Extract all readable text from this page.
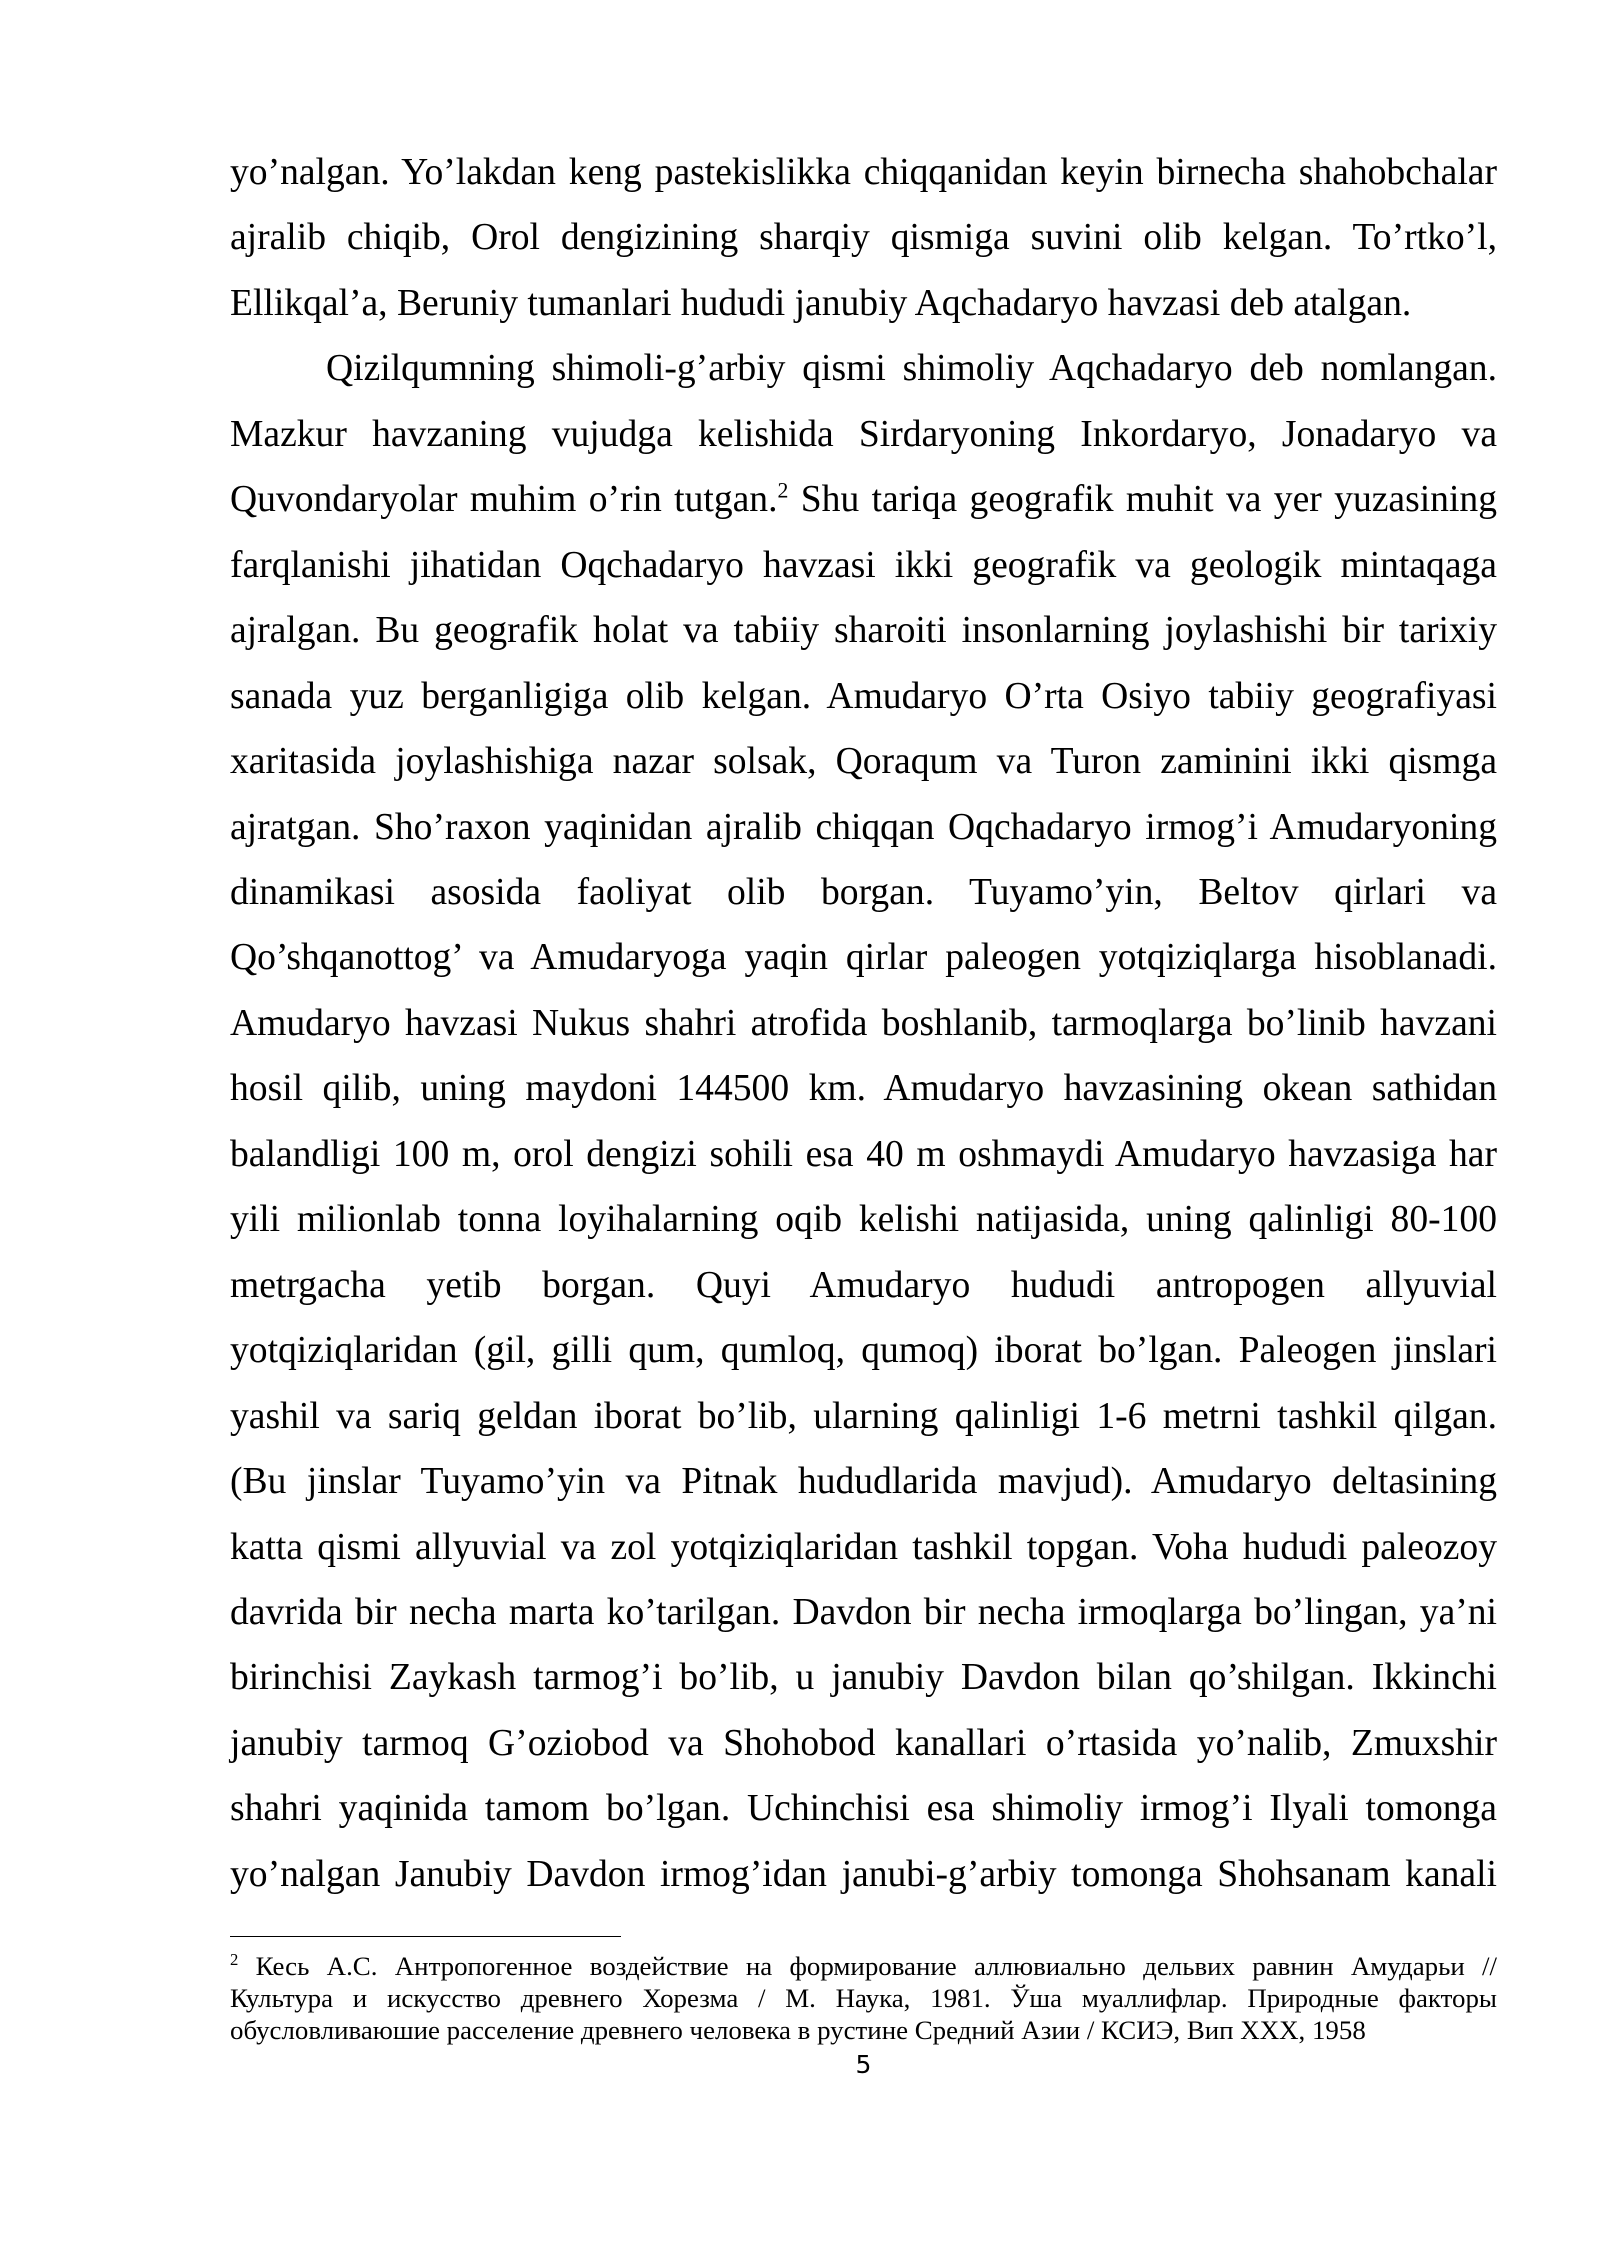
yo’nalgan. Yo’lakdan keng pastekislikka chiqqanidan keyin birnecha shahobchalar
ajralib chiqib, Orol dengizining sharqiy qismiga suvini olib kelgan. To’rtko’l,
Ellikqal’a, Beruniy tumanlari hududi janubiy Aqchadaryo havzasi deb atalgan.
Qizilqumning shimoli-g’arbiy qismi shimoliy Aqchadaryo deb nomlangan.
Mazkur havzaning vujudga kelishida Sirdaryoning Inkordaryo, Jonadaryo va
Quvondaryolar muhim o’rin tutgan.$^2$ Shu tariqa geografik muhit va yer yuzasining
farqlanishi jihatidan Oqchadaryo havzasi ikki geografik va geologik mintaqaga
ajralgan. Bu geografik holat va tabiiy sharoiti insonlarning joylashishi bir tarixiy
sanada yuz berganligiga olib kelgan. Amudaryo O’rta Osiyo tabiiy geografiyasi
xaritasida joylashishiga nazar solsak, Qoraqum va Turon zaminini ikki qismga
ajratgan. Sho’raxon yaqinidan ajralib chiqqan Oqchadaryo irmog’i Amudaryoning
dinamikasi asosida faoliyat olib borgan. Tuyamo’yin, Beltov qirlari va
Qo’shqanottog’ va Amudaryoga yaqin qirlar paleogen yotqiziqlarga hisoblanadi.
Amudaryo havzasi Nukus shahri atrofida boshlanib, tarmoqlarga bo’linib havzani
hosil qilib, uning maydoni 144500 km. Amudaryo havzasining okean sathidan
balandligi 100 m, orol dengizi sohili esa 40 m oshmaydi Amudaryo havzasiga har
yili milionlab tonna loyihalarning oqib kelishi natijasida, uning qalinligi 80-100
metrgacha yetib borgan. Quyi Amudaryo hududi antropogen allyuvial
yotqiziqlaridan (gil, gilli qum, qumloq, qumoq) iborat bo’lgan. Paleogen jinslari
yashil va sariq geldan iborat bo’lib, ularning qalinligi 1-6 metrni tashkil qilgan.
(Bu jinslar Tuyamo’yin va Pitnak hududlarida mavjud). Amudaryo deltasining
katta qismi allyuvial va zol yotqiziqlaridan tashkil topgan. Voha hududi paleozoy
davrida bir necha marta ko’tarilgan. Davdon bir necha irmoqlarga bo’lingan, ya’ni
birinchisi Zaykash tarmog’i bo’lib, u janubiy Davdon bilan qo’shilgan. Ikkinchi
janubiy tarmoq G’oziobod va Shohobod kanallari o’rtasida yo’nalib, Zmuxshir
shahri yaqinida tamom bo’lgan. Uchinchisi esa shimoliy irmog’i Ilyali tomonga
yo’nalgan Janubiy Davdon irmog’idan janubi-g’arbiy tomonga Shohsanam kanali
$^2$ Кесь А.С. Антропогенное воздействие на формирование аллювиально дельвих равнин Амударьи //
Культура и искусство древнего Хорезма / М. Наука, 1981. Ўша муаллифлар. Природные факторы
обусловливаюшие расселение древнего человека в рустине Средний Азии / КСИЭ, Вип XXX, 1958
5
